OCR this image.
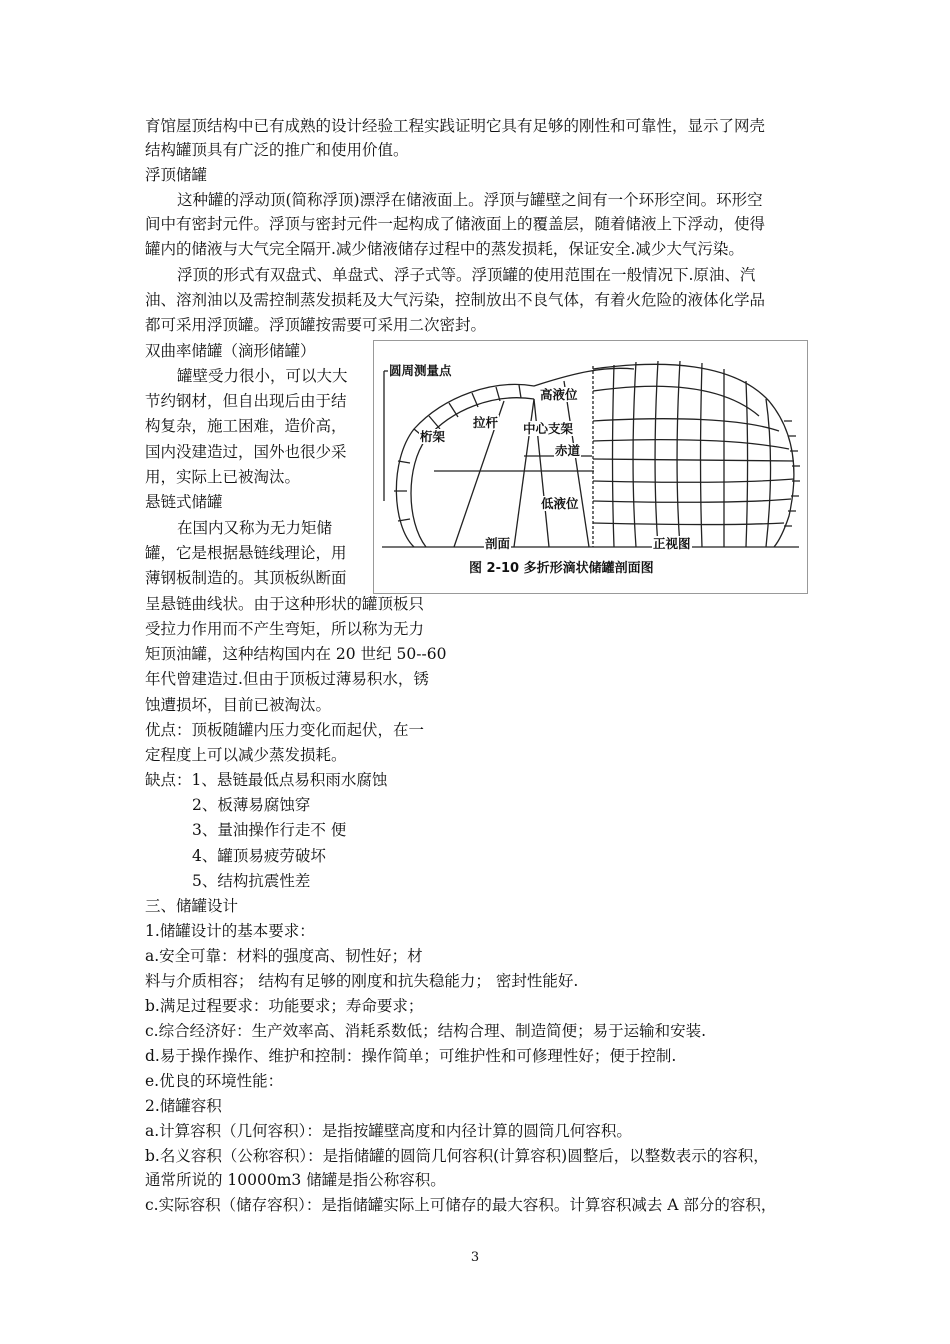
育馆屋顶结构中已有成熟的设计经验工程实践证明它具有足够的刚性和可靠性，显示了网壳
结构罐顶具有广泛的推广和使用价值。
浮顶储罐
这种罐的浮动顶(简称浮顶)漂浮在储液面上。浮顶与罐壁之间有一个环形空间。环形空
间中有密封元件。浮顶与密封元件一起构成了储液面上的覆盖层，随着储液上下浮动，使得
罐内的储液与大气完全隔开.减少储液储存过程中的蒸发损耗，保证安全.减少大气污染。
浮顶的形式有双盘式、单盘式、浮子式等。浮顶罐的使用范围在一般情况下.原油、汽
油、溶剂油以及需控制蒸发损耗及大气污染，控制放出不良气体，有着火危险的液体化学品
都可采用浮顶罐。浮顶罐按需要可采用二次密封。
双曲率储罐（滴形储罐）
罐壁受力很小，可以大大
节约钢材，但自出现后由于结
构复杂，施工困难，造价高，
国内没建造过，国外也很少采
用，实际上已被淘汰。
悬链式储罐
在国内又称为无力矩储
罐，它是根据悬链线理论，用
薄钢板制造的。其顶板纵断面
呈悬链曲线状。由于这种形状的罐顶板只
受拉力作用而不产生弯矩，所以称为无力
矩顶油罐，这种结构国内在 20 世纪 50--60
年代曾建造过.但由于顶板过薄易积水，锈
蚀遭损坏，目前已被淘汰。
优点：顶板随罐内压力变化而起伏，在一
定程度上可以减少蒸发损耗。
缺点：1、悬链最低点易积雨水腐蚀
2、板薄易腐蚀穿
3、量油操作行走不 便
4、罐顶易疲劳破坏
5、结构抗震性差
三、储罐设计
1.储罐设计的基本要求：
a.安全可靠：材料的强度高、韧性好；材
料与介质相容； 结构有足够的刚度和抗失稳能力； 密封性能好.
b.满足过程要求：功能要求；寿命要求；
c.综合经济好：生产效率高、消耗系数低；结构合理、制造简便；易于运输和安装.
d.易于操作操作、维护和控制：操作简单；可维护性和可修理性好；便于控制.
e.优良的环境性能：
2.储罐容积
a.计算容积（几何容积）：是指按罐壁高度和内径计算的圆筒几何容积。
b.名义容积（公称容积）：是指储罐的圆筒几何容积(计算容积)圆整后，以整数表示的容积，
通常所说的 10000m3 储罐是指公称容积。
c.实际容积（储存容积）：是指储罐实际上可储存的最大容积。计算容积减去 A 部分的容积，
圆周测量点
高液位
拉杆
桁架
中心支架
赤道
低液位
剖面	正视图
图 2-10 多折形滴状储罐剖面图
3
